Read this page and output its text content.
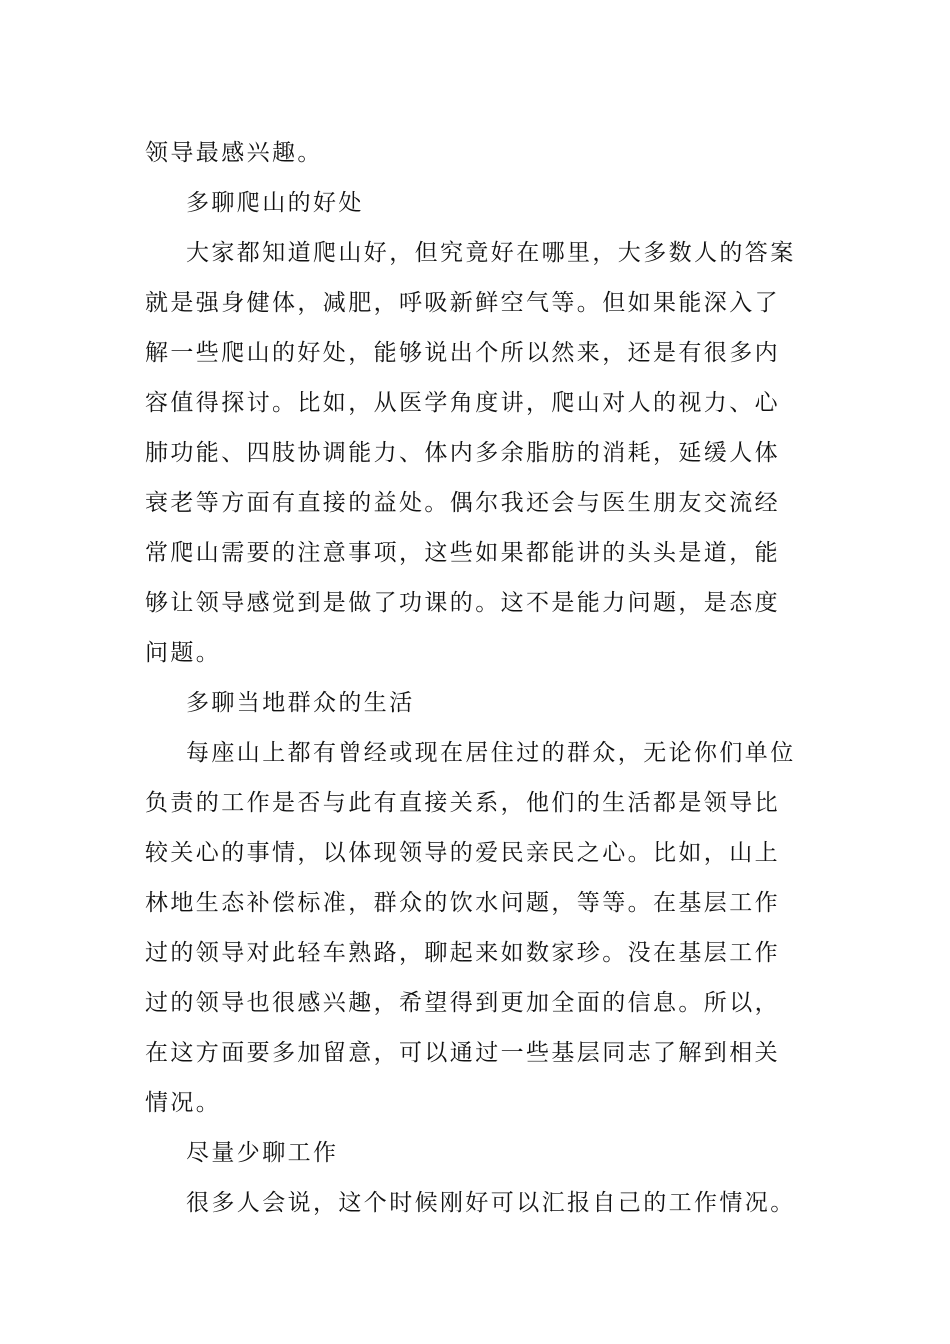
领导最感兴趣。
多聊爬山的好处
大家都知道爬山好，但究竟好在哪里，大多数人的答案
就是强身健体，减肥，呼吸新鲜空气等。但如果能深入了
解一些爬山的好处，能够说出个所以然来，还是有很多内
容值得探讨。比如，从医学角度讲，爬山对人的视力、心
肺功能、四肢协调能力、体内多余脂肪的消耗，延缓人体
衰老等方面有直接的益处。偶尔我还会与医生朋友交流经
常爬山需要的注意事项，这些如果都能讲的头头是道，能
够让领导感觉到是做了功课的。这不是能力问题，是态度
问题。
多聊当地群众的生活
每座山上都有曾经或现在居住过的群众，无论你们单位
负责的工作是否与此有直接关系，他们的生活都是领导比
较关心的事情，以体现领导的爱民亲民之心。比如，山上
林地生态补偿标准，群众的饮水问题，等等。在基层工作
过的领导对此轻车熟路，聊起来如数家珍。没在基层工作
过的领导也很感兴趣，希望得到更加全面的信息。所以，
在这方面要多加留意，可以通过一些基层同志了解到相关
情况。
尽量少聊工作
很多人会说，这个时候刚好可以汇报自己的工作情况。
